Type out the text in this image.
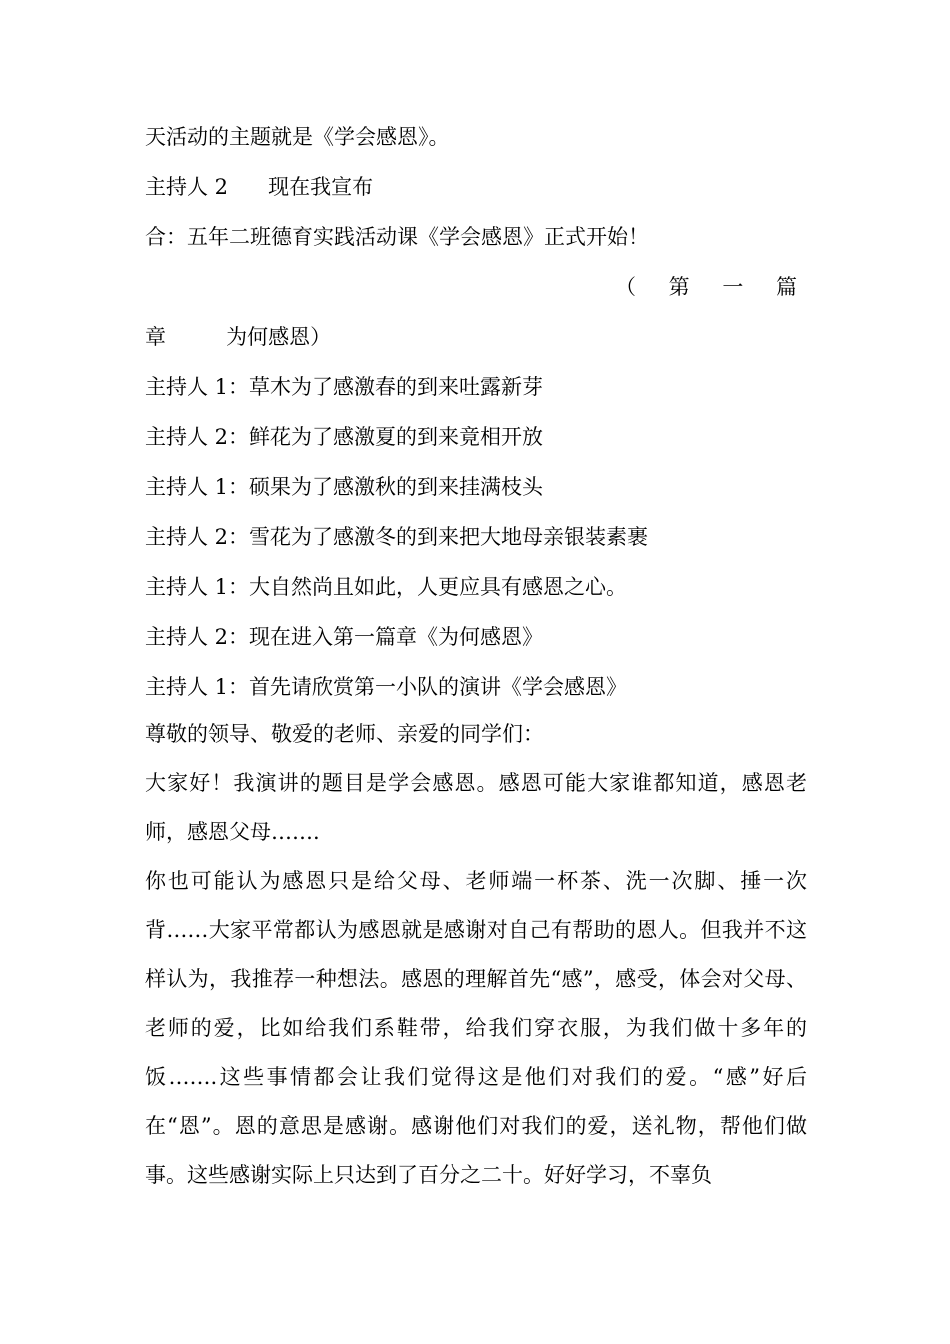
天活动的主题就是《学会感恩》。
主持人 2      现在我宣布
合：五年二班德育实践活动课《学会感恩》正式开始！
（ 第 一 篇
章         为何感恩）
主持人 1：草木为了感激春的到来吐露新芽
主持人 2：鲜花为了感激夏的到来竟相开放
主持人 1：硕果为了感激秋的到来挂满枝头
主持人 2：雪花为了感激冬的到来把大地母亲银装素裹
主持人 1：大自然尚且如此，人更应具有感恩之心。
主持人 2：现在进入第一篇章《为何感恩》
主持人 1：首先请欣赏第一小队的演讲《学会感恩》
尊敬的领导、敬爱的老师、亲爱的同学们：
大家好！我演讲的题目是学会感恩。感恩可能大家谁都知道，感恩老师，感恩父母…….
你也可能认为感恩只是给父母、老师端一杯茶、洗一次脚、捶一次背……大家平常都认为感恩就是感谢对自己有帮助的恩人。但我并不这样认为，我推荐一种想法。感恩的理解首先“感”，感受，体会对父母、老师的爱，比如给我们系鞋带，给我们穿衣服，为我们做十多年的饭…….这些事情都会让我们觉得这是他们对我们的爱。“感”好后在“恩”。恩的意思是感谢。感谢他们对我们的爱，送礼物，帮他们做事。这些感谢实际上只达到了百分之二十。好好学习，不辜负
